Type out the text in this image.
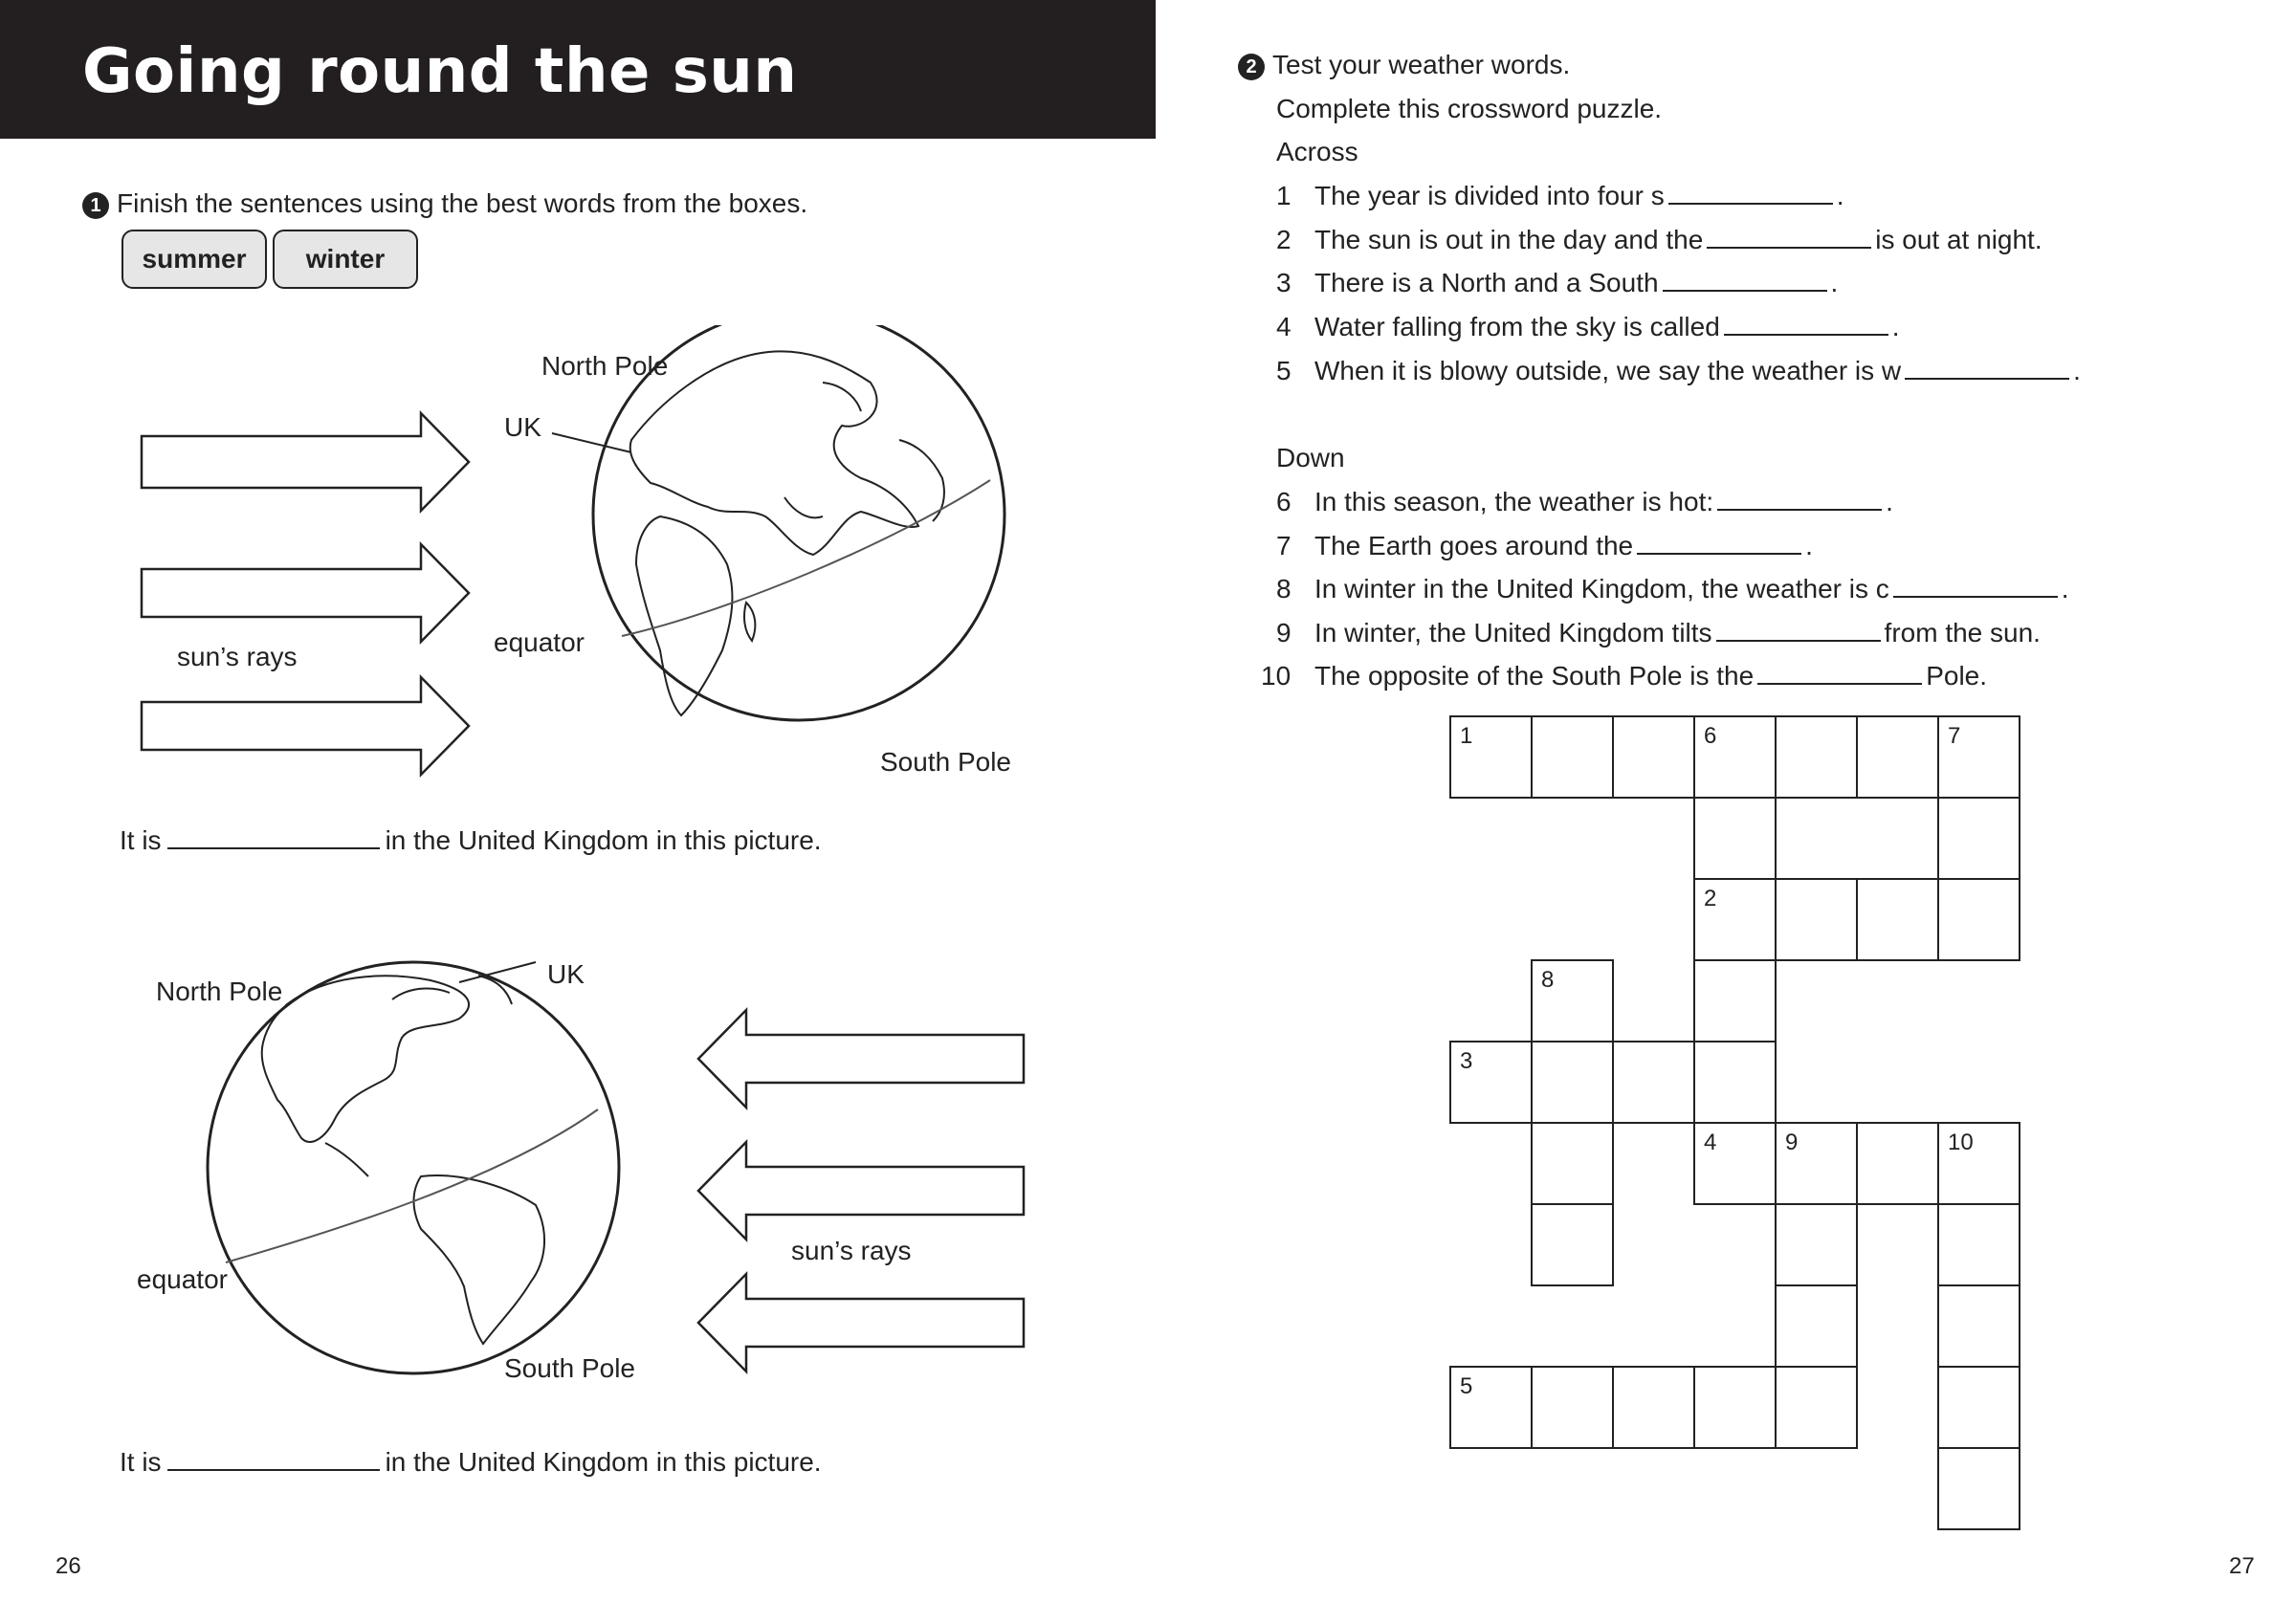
Going round the sun
1 Finish the sentences using the best words from the boxes.
summer	winter
North Pole
UK
equator
sun’s rays
South Pole
It is	in the United Kingdom in this picture.
North Pole
UK
equator
sun’s rays
South Pole
It is	in the United Kingdom in this picture.
26
2 Test your weather words.
Complete this crossword puzzle.
Across
1 The year is divided into four s	.
2 The sun is out in the day and the	is out at night.
3 There is a North and a South	.
4 Water falling from the sky is called	.
5 When it is blowy outside, we say the weather is w	.
Down
6 In this season, the weather is hot:	.
7 The Earth goes around the	.
8 In winter in the United Kingdom, the weather is c	.
9 In winter, the United Kingdom tilts	from the sun.
10 The opposite of the South Pole is the	Pole.
1	6	7
2
8
3
4	9	10
5
27
